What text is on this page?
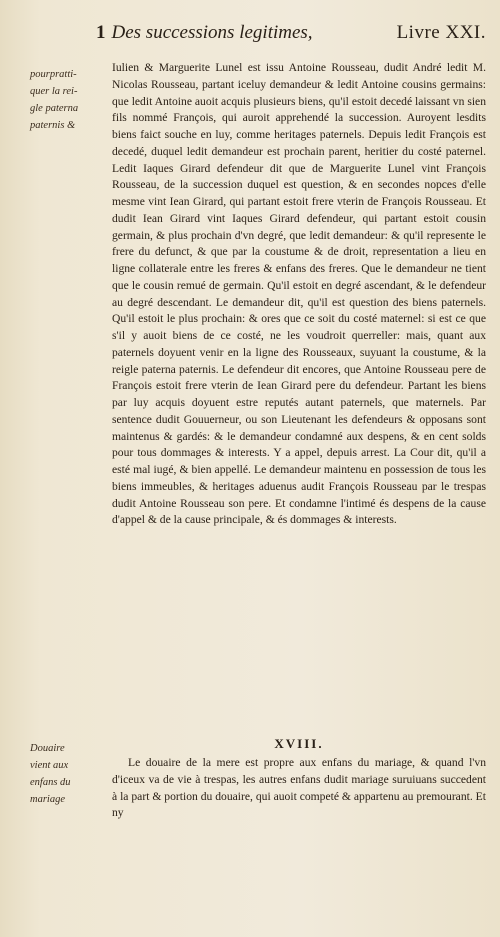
1 Des successions legitimes,	Livre XXI.
pourpratti-
quer la rei-
gle paterna
paternis &

Iulien & Marguerite Lunel est issu Antoine Rousseau, dudit André ledit M. Nicolas Rousseau, partant iceluy demandeur & ledit Antoine cousins germains: que ledit Antoine auoit acquis plusieurs biens, qu'il estoit decedé laissant vn sien fils nommé François, qui auroit apprehendé la succession. Auroyent lesdits biens faict souche en luy, comme heritages paternels. Depuis ledit François est decedé, duquel ledit demandeur est prochain parent, heritier du costé paternel. Ledit Iaques Girard defendeur dit que de Marguerite Lunel vint François Rousseau, de la succession duquel est question, & en secondes nopces d'elle mesme vint Iean Girard, qui partant estoit frere vterin de François Rousseau. Et dudit Iean Girard vint Iaques Girard defendeur, qui partant estoit cousin germain, & plus prochain d'vn degré, que ledit demandeur: & qu'il represente le frere du defunct, & que par la coustume & de droit, representation a lieu en ligne collaterale entre les freres & enfans des freres. Que le demandeur ne tient que le cousin remué de germain. Qu'il estoit en degré ascendant, & le defendeur au degré descendant. Le demandeur dit, qu'il est question des biens paternels. Qu'il estoit le plus prochain: & ores que ce soit du costé maternel: si est ce que s'il y auoit biens de ce costé, ne les voudroit querreller: mais, quant aux paternels doyuent venir en la ligne des Rousseaux, suyuant la coustume, & la reigle paterna paternis. Le defendeur dit encores, que Antoine Rousseau pere de François estoit frere vterin de Iean Girard pere du defendeur. Partant les biens par luy acquis doyuent estre reputés autant paternels, que maternels. Par sentence dudit Gouuerneur, ou son Lieutenant les defendeurs & opposans sont maintenus & gardés: & le demandeur condamné aux despens, & en cent solds pour tous dommages & interests. Y a appel, depuis arrest. La Cour dit, qu'il a esté mal iugé, & bien appellé. Le demandeur maintenu en possession de tous les biens immeubles, & heritages aduenus audit François Rousseau par le trespas dudit Antoine Rousseau son pere. Et condamne l'intimé és despens de la cause d'appel & de la cause principale, & és dommages & interests.

XVIII.
Douaire
vient aux
enfans du
mariage

Le douaire de la mere est propre aux enfans du mariage, & quand l'vn d'iceux va de vie à trespas, les autres enfans dudit mariage suruiuans succedent à la part & portion du douaire, qui auoit competé & appartenu au premourant. Et ny
